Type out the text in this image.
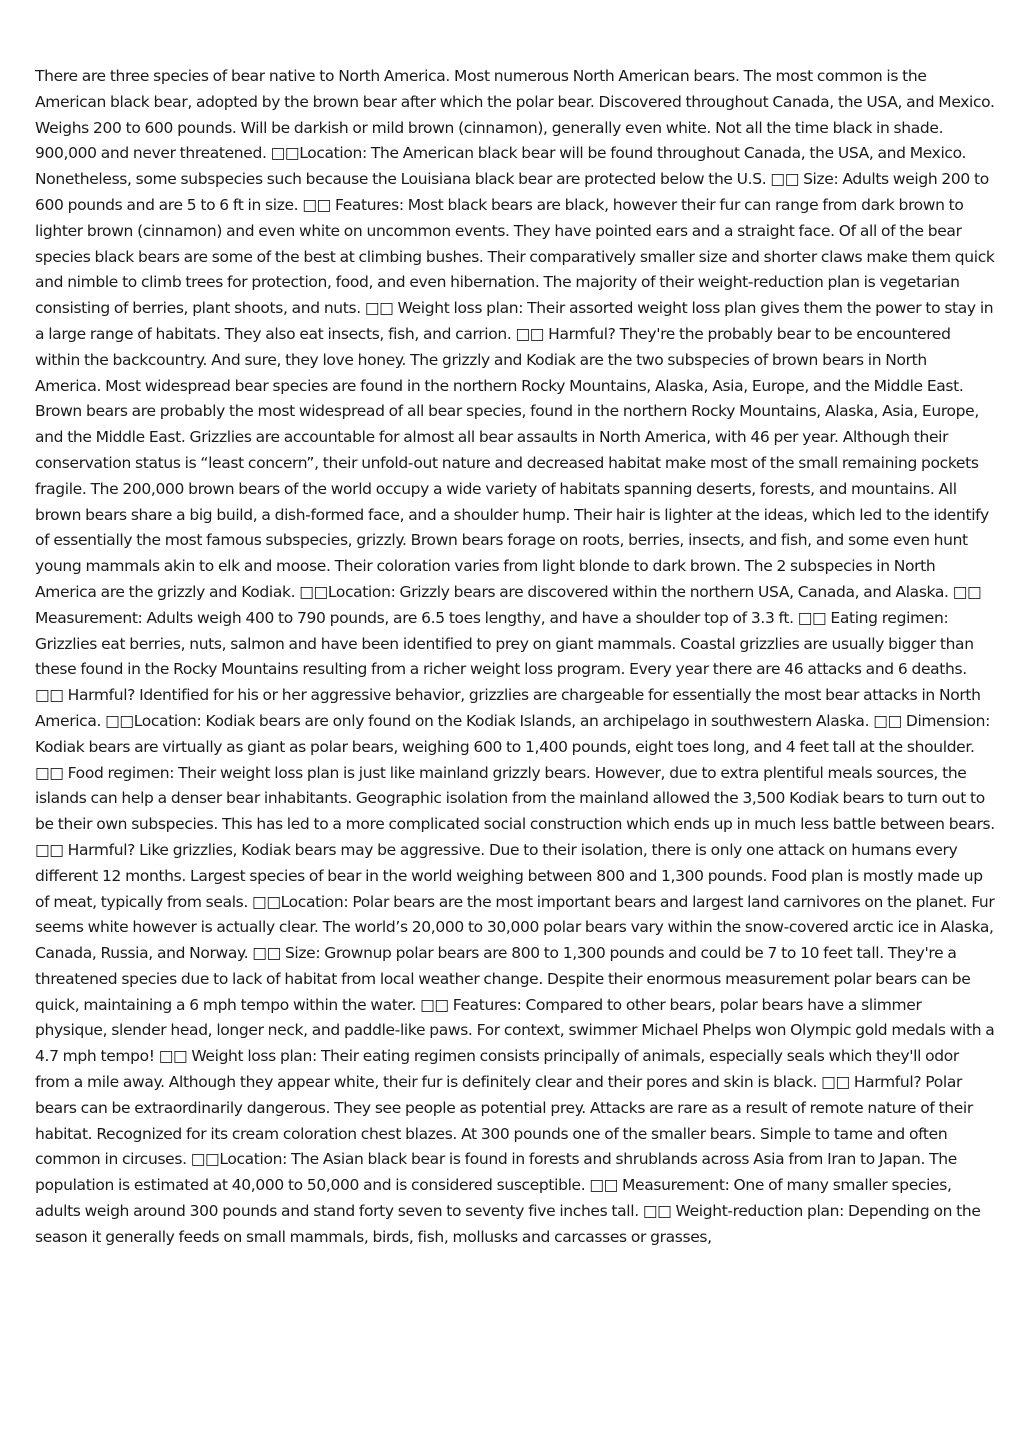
There are three species of bear native to North America. Most numerous North American bears. The most common is the American black bear, adopted by the brown bear after which the polar bear. Discovered throughout Canada, the USA, and Mexico. Weighs 200 to 600 pounds. Will be darkish or mild brown (cinnamon), generally even white. Not all the time black in shade. 900,000 and never threatened. □□Location: The American black bear will be found throughout Canada, the USA, and Mexico. Nonetheless, some subspecies such because the Louisiana black bear are protected below the U.S. □□ Size: Adults weigh 200 to 600 pounds and are 5 to 6 ft in size. □□ Features: Most black bears are black, however their fur can range from dark brown to lighter brown (cinnamon) and even white on uncommon events. They have pointed ears and a straight face. Of all of the bear species black bears are some of the best at climbing bushes. Their comparatively smaller size and shorter claws make them quick and nimble to climb trees for protection, food, and even hibernation. The majority of their weight-reduction plan is vegetarian consisting of berries, plant shoots, and nuts. □□ Weight loss plan: Their assorted weight loss plan gives them the power to stay in a large range of habitats. They also eat insects, fish, and carrion. □□ Harmful? They're the probably bear to be encountered within the backcountry. And sure, they love honey. The grizzly and Kodiak are the two subspecies of brown bears in North America. Most widespread bear species are found in the northern Rocky Mountains, Alaska, Asia, Europe, and the Middle East. Brown bears are probably the most widespread of all bear species, found in the northern Rocky Mountains, Alaska, Asia, Europe, and the Middle East. Grizzlies are accountable for almost all bear assaults in North America, with 46 per year. Although their conservation status is “least concern”, their unfold-out nature and decreased habitat make most of the small remaining pockets fragile. The 200,000 brown bears of the world occupy a wide variety of habitats spanning deserts, forests, and mountains. All brown bears share a big build, a dish-formed face, and a shoulder hump. Their hair is lighter at the ideas, which led to the identify of essentially the most famous subspecies, grizzly. Brown bears forage on roots, berries, insects, and fish, and some even hunt young mammals akin to elk and moose. Their coloration varies from light blonde to dark brown. The 2 subspecies in North America are the grizzly and Kodiak. □□Location: Grizzly bears are discovered within the northern USA, Canada, and Alaska. □□ Measurement: Adults weigh 400 to 790 pounds, are 6.5 toes lengthy, and have a shoulder top of 3.3 ft. □□ Eating regimen: Grizzlies eat berries, nuts, salmon and have been identified to prey on giant mammals. Coastal grizzlies are usually bigger than these found in the Rocky Mountains resulting from a richer weight loss program. Every year there are 46 attacks and 6 deaths. □□ Harmful? Identified for his or her aggressive behavior, grizzlies are chargeable for essentially the most bear attacks in North America. □□Location: Kodiak bears are only found on the Kodiak Islands, an archipelago in southwestern Alaska. □□ Dimension: Kodiak bears are virtually as giant as polar bears, weighing 600 to 1,400 pounds, eight toes long, and 4 feet tall at the shoulder. □□ Food regimen: Their weight loss plan is just like mainland grizzly bears. However, due to extra plentiful meals sources, the islands can help a denser bear inhabitants. Geographic isolation from the mainland allowed the 3,500 Kodiak bears to turn out to be their own subspecies. This has led to a more complicated social construction which ends up in much less battle between bears. □□ Harmful? Like grizzlies, Kodiak bears may be aggressive. Due to their isolation, there is only one attack on humans every different 12 months. Largest species of bear in the world weighing between 800 and 1,300 pounds. Food plan is mostly made up of meat, typically from seals. □□Location: Polar bears are the most important bears and largest land carnivores on the planet. Fur seems white however is actually clear. The world’s 20,000 to 30,000 polar bears vary within the snow-covered arctic ice in Alaska, Canada, Russia, and Norway. □□ Size: Grownup polar bears are 800 to 1,300 pounds and could be 7 to 10 feet tall. They're a threatened species due to lack of habitat from local weather change. Despite their enormous measurement polar bears can be quick, maintaining a 6 mph tempo within the water. □□ Features: Compared to other bears, polar bears have a slimmer physique, slender head, longer neck, and paddle-like paws. For context, swimmer Michael Phelps won Olympic gold medals with a 4.7 mph tempo! □□ Weight loss plan: Their eating regimen consists principally of animals, especially seals which they'll odor from a mile away. Although they appear white, their fur is definitely clear and their pores and skin is black. □□ Harmful? Polar bears can be extraordinarily dangerous. They see people as potential prey. Attacks are rare as a result of remote nature of their habitat. Recognized for its cream coloration chest blazes. At 300 pounds one of the smaller bears. Simple to tame and often common in circuses. □□Location: The Asian black bear is found in forests and shrublands across Asia from Iran to Japan. The population is estimated at 40,000 to 50,000 and is considered susceptible. □□ Measurement: One of many smaller species, adults weigh around 300 pounds and stand forty seven to seventy five inches tall. □□ Weight-reduction plan: Depending on the season it generally feeds on small mammals, birds, fish, mollusks and carcasses or grasses,
